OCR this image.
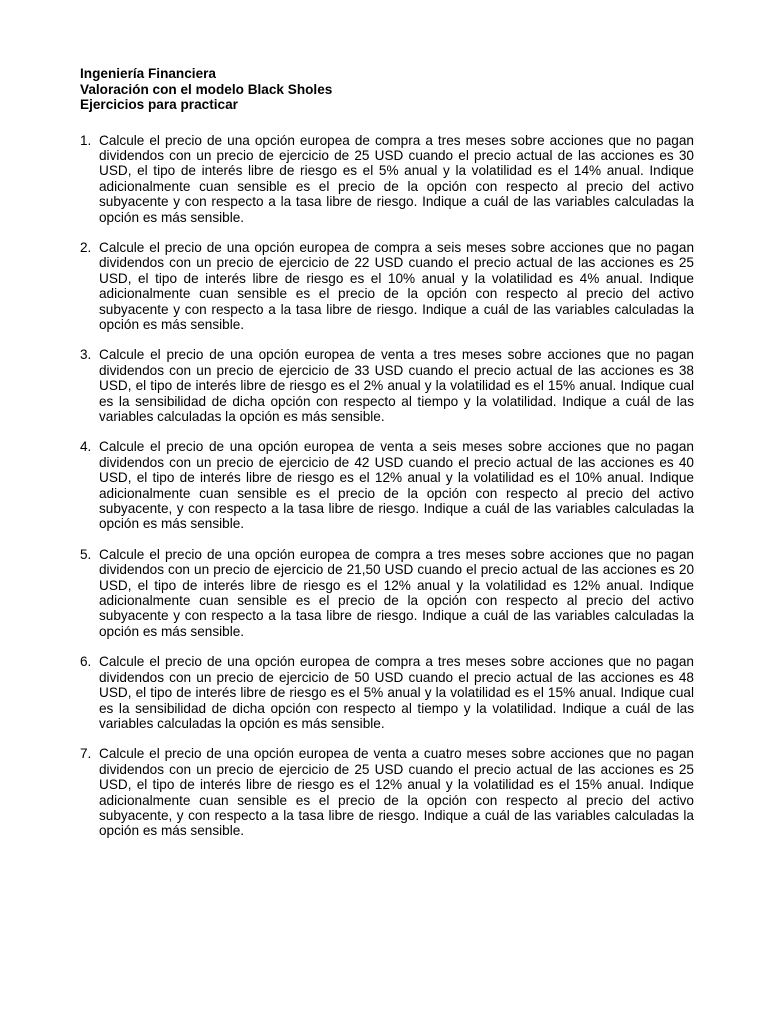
Ingeniería Financiera

Valoración con el modelo Black Sholes

Ejercicios para practicar

1. Calcule el precio de una opción europea de compra a tres meses sobre acciones que no pagan dividendos con un precio de ejercicio de 25 USD cuando el precio actual de las acciones es 30 USD, el tipo de interés libre de riesgo es el 5% anual y la volatilidad es el 14% anual. Indique adicionalmente cuan sensible es el precio de la opción con respecto al precio del activo subyacente y con respecto a la tasa libre de riesgo. Indique a cuál de las variables calculadas la opción es más sensible.

2. Calcule el precio de una opción europea de compra a seis meses sobre acciones que no pagan dividendos con un precio de ejercicio de 22 USD cuando el precio actual de las acciones es 25 USD, el tipo de interés libre de riesgo es el 10% anual y la volatilidad es 4% anual. Indique adicionalmente cuan sensible es el precio de la opción con respecto al precio del activo subyacente y con respecto a la tasa libre de riesgo. Indique a cuál de las variables calculadas la opción es más sensible.

3. Calcule el precio de una opción europea de venta a tres meses sobre acciones que no pagan dividendos con un precio de ejercicio de 33 USD cuando el precio actual de las acciones es 38 USD, el tipo de interés libre de riesgo es el 2% anual y la volatilidad es el 15% anual. Indique cual es la sensibilidad de dicha opción con respecto al tiempo y la volatilidad. Indique a cuál de las variables calculadas la opción es más sensible.

4. Calcule el precio de una opción europea de venta a seis meses sobre acciones que no pagan dividendos con un precio de ejercicio de 42 USD cuando el precio actual de las acciones es 40 USD, el tipo de interés libre de riesgo es el 12% anual y la volatilidad es el 10% anual. Indique adicionalmente cuan sensible es el precio de la opción con respecto al precio del activo subyacente, y con respecto a la tasa libre de riesgo. Indique a cuál de las variables calculadas la opción es más sensible.

5. Calcule el precio de una opción europea de compra a tres meses sobre acciones que no pagan dividendos con un precio de ejercicio de 21,50 USD cuando el precio actual de las acciones es 20 USD, el tipo de interés libre de riesgo es el 12% anual y la volatilidad es 12% anual. Indique adicionalmente cuan sensible es el precio de la opción con respecto al precio del activo subyacente y con respecto a la tasa libre de riesgo. Indique a cuál de las variables calculadas la opción es más sensible.

6. Calcule el precio de una opción europea de compra a tres meses sobre acciones que no pagan dividendos con un precio de ejercicio de 50 USD cuando el precio actual de las acciones es 48 USD, el tipo de interés libre de riesgo es el 5% anual y la volatilidad es el 15% anual. Indique cual es la sensibilidad de dicha opción con respecto al tiempo y la volatilidad. Indique a cuál de las variables calculadas la opción es más sensible.

7. Calcule el precio de una opción europea de venta a cuatro meses sobre acciones que no pagan dividendos con un precio de ejercicio de 25 USD cuando el precio actual de las acciones es 25 USD, el tipo de interés libre de riesgo es el 12% anual y la volatilidad es el 15% anual. Indique adicionalmente cuan sensible es el precio de la opción con respecto al precio del activo subyacente, y con respecto a la tasa libre de riesgo. Indique a cuál de las variables calculadas la opción es más sensible.
